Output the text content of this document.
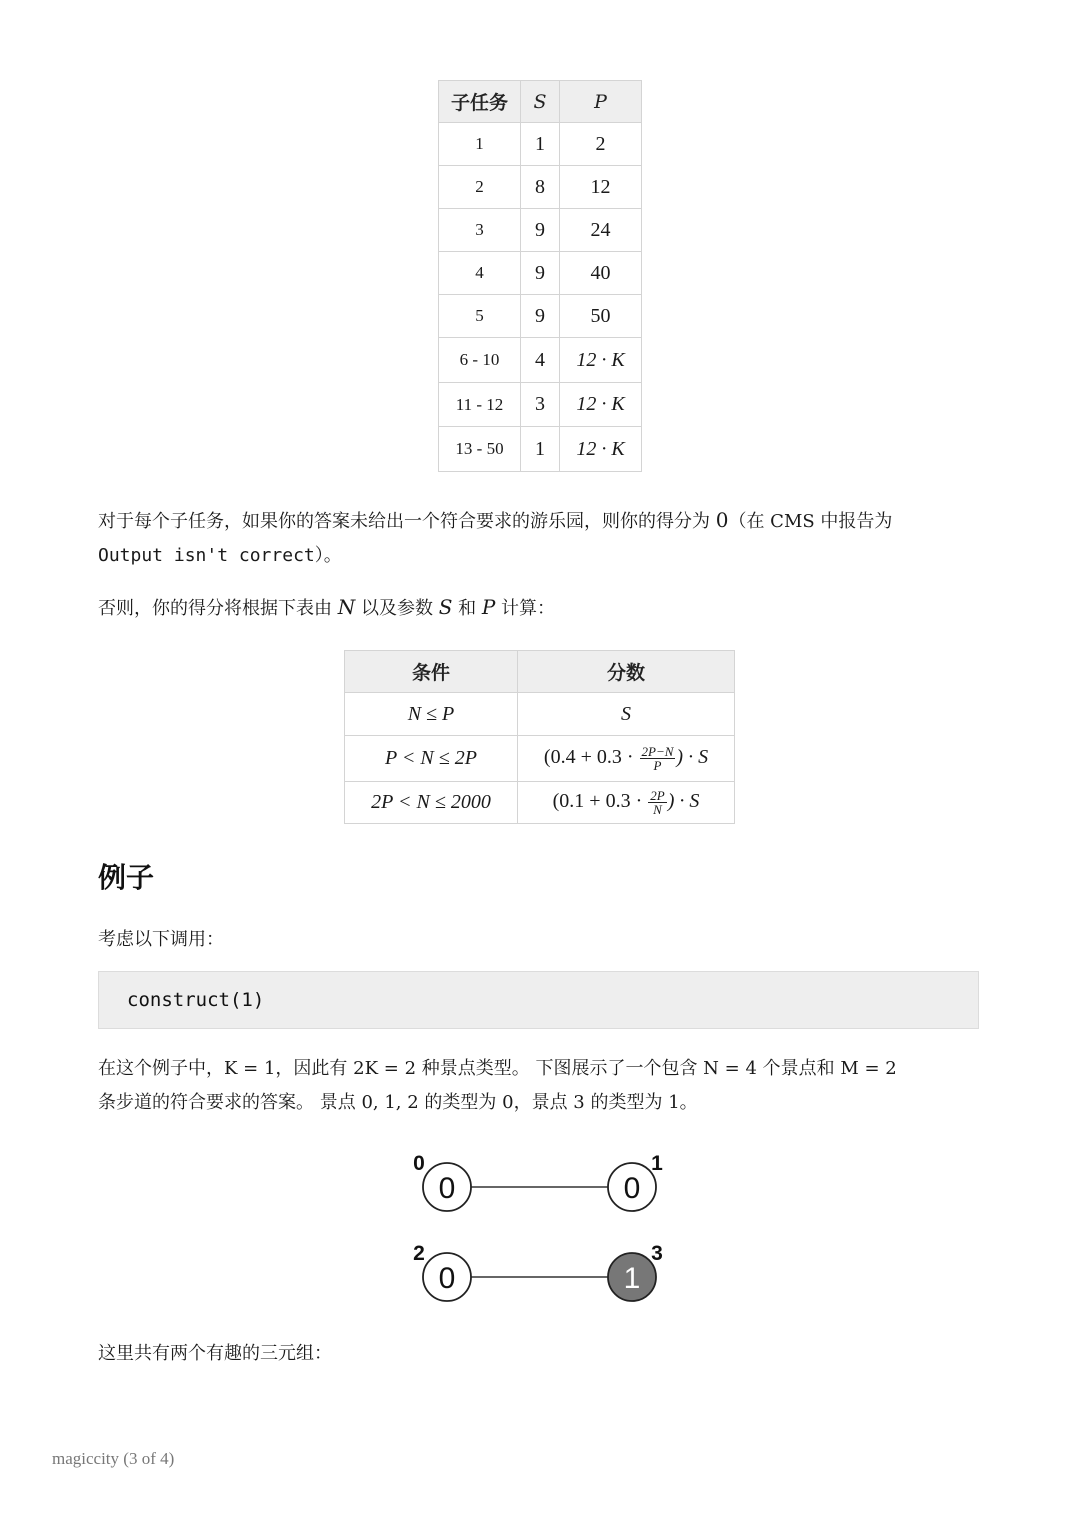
子任务	S	P
1	1	2
2	8	12
3	9	24
4	9	40
5	9	50
6 - 10	4	12 · K
11 - 12	3	12 · K
13 - 50	1	12 · K
对于每个子任务，如果你的答案未给出一个符合要求的游乐园，则你的得分为 0（在 CMS 中报告为
Output isn't correct）。
否则，你的得分将根据下表由 N 以及参数 S 和 P 计算：
条件	分数
N ≤ P	S
P < N ≤ 2P	($0.4 + 0.3 \cdot \frac{2P-N}{P}$ ) · S
2P < N ≤ 2000	($0.1 + 0.3 \cdot \frac{2P}{N}$ ) · S
例子
考虑以下调用：
construct(1)
在这个例子中，K = 1，因此有 2K = 2 种景点类型。 下图展示了一个包含 N = 4 个景点和 M = 2
条步道的符合要求的答案。 景点 0, 1, 2 的类型为 0，景点 3 的类型为 1。
0
0
0
1
0
2
1
3
这里共有两个有趣的三元组：
magiccity (3 of 4)
